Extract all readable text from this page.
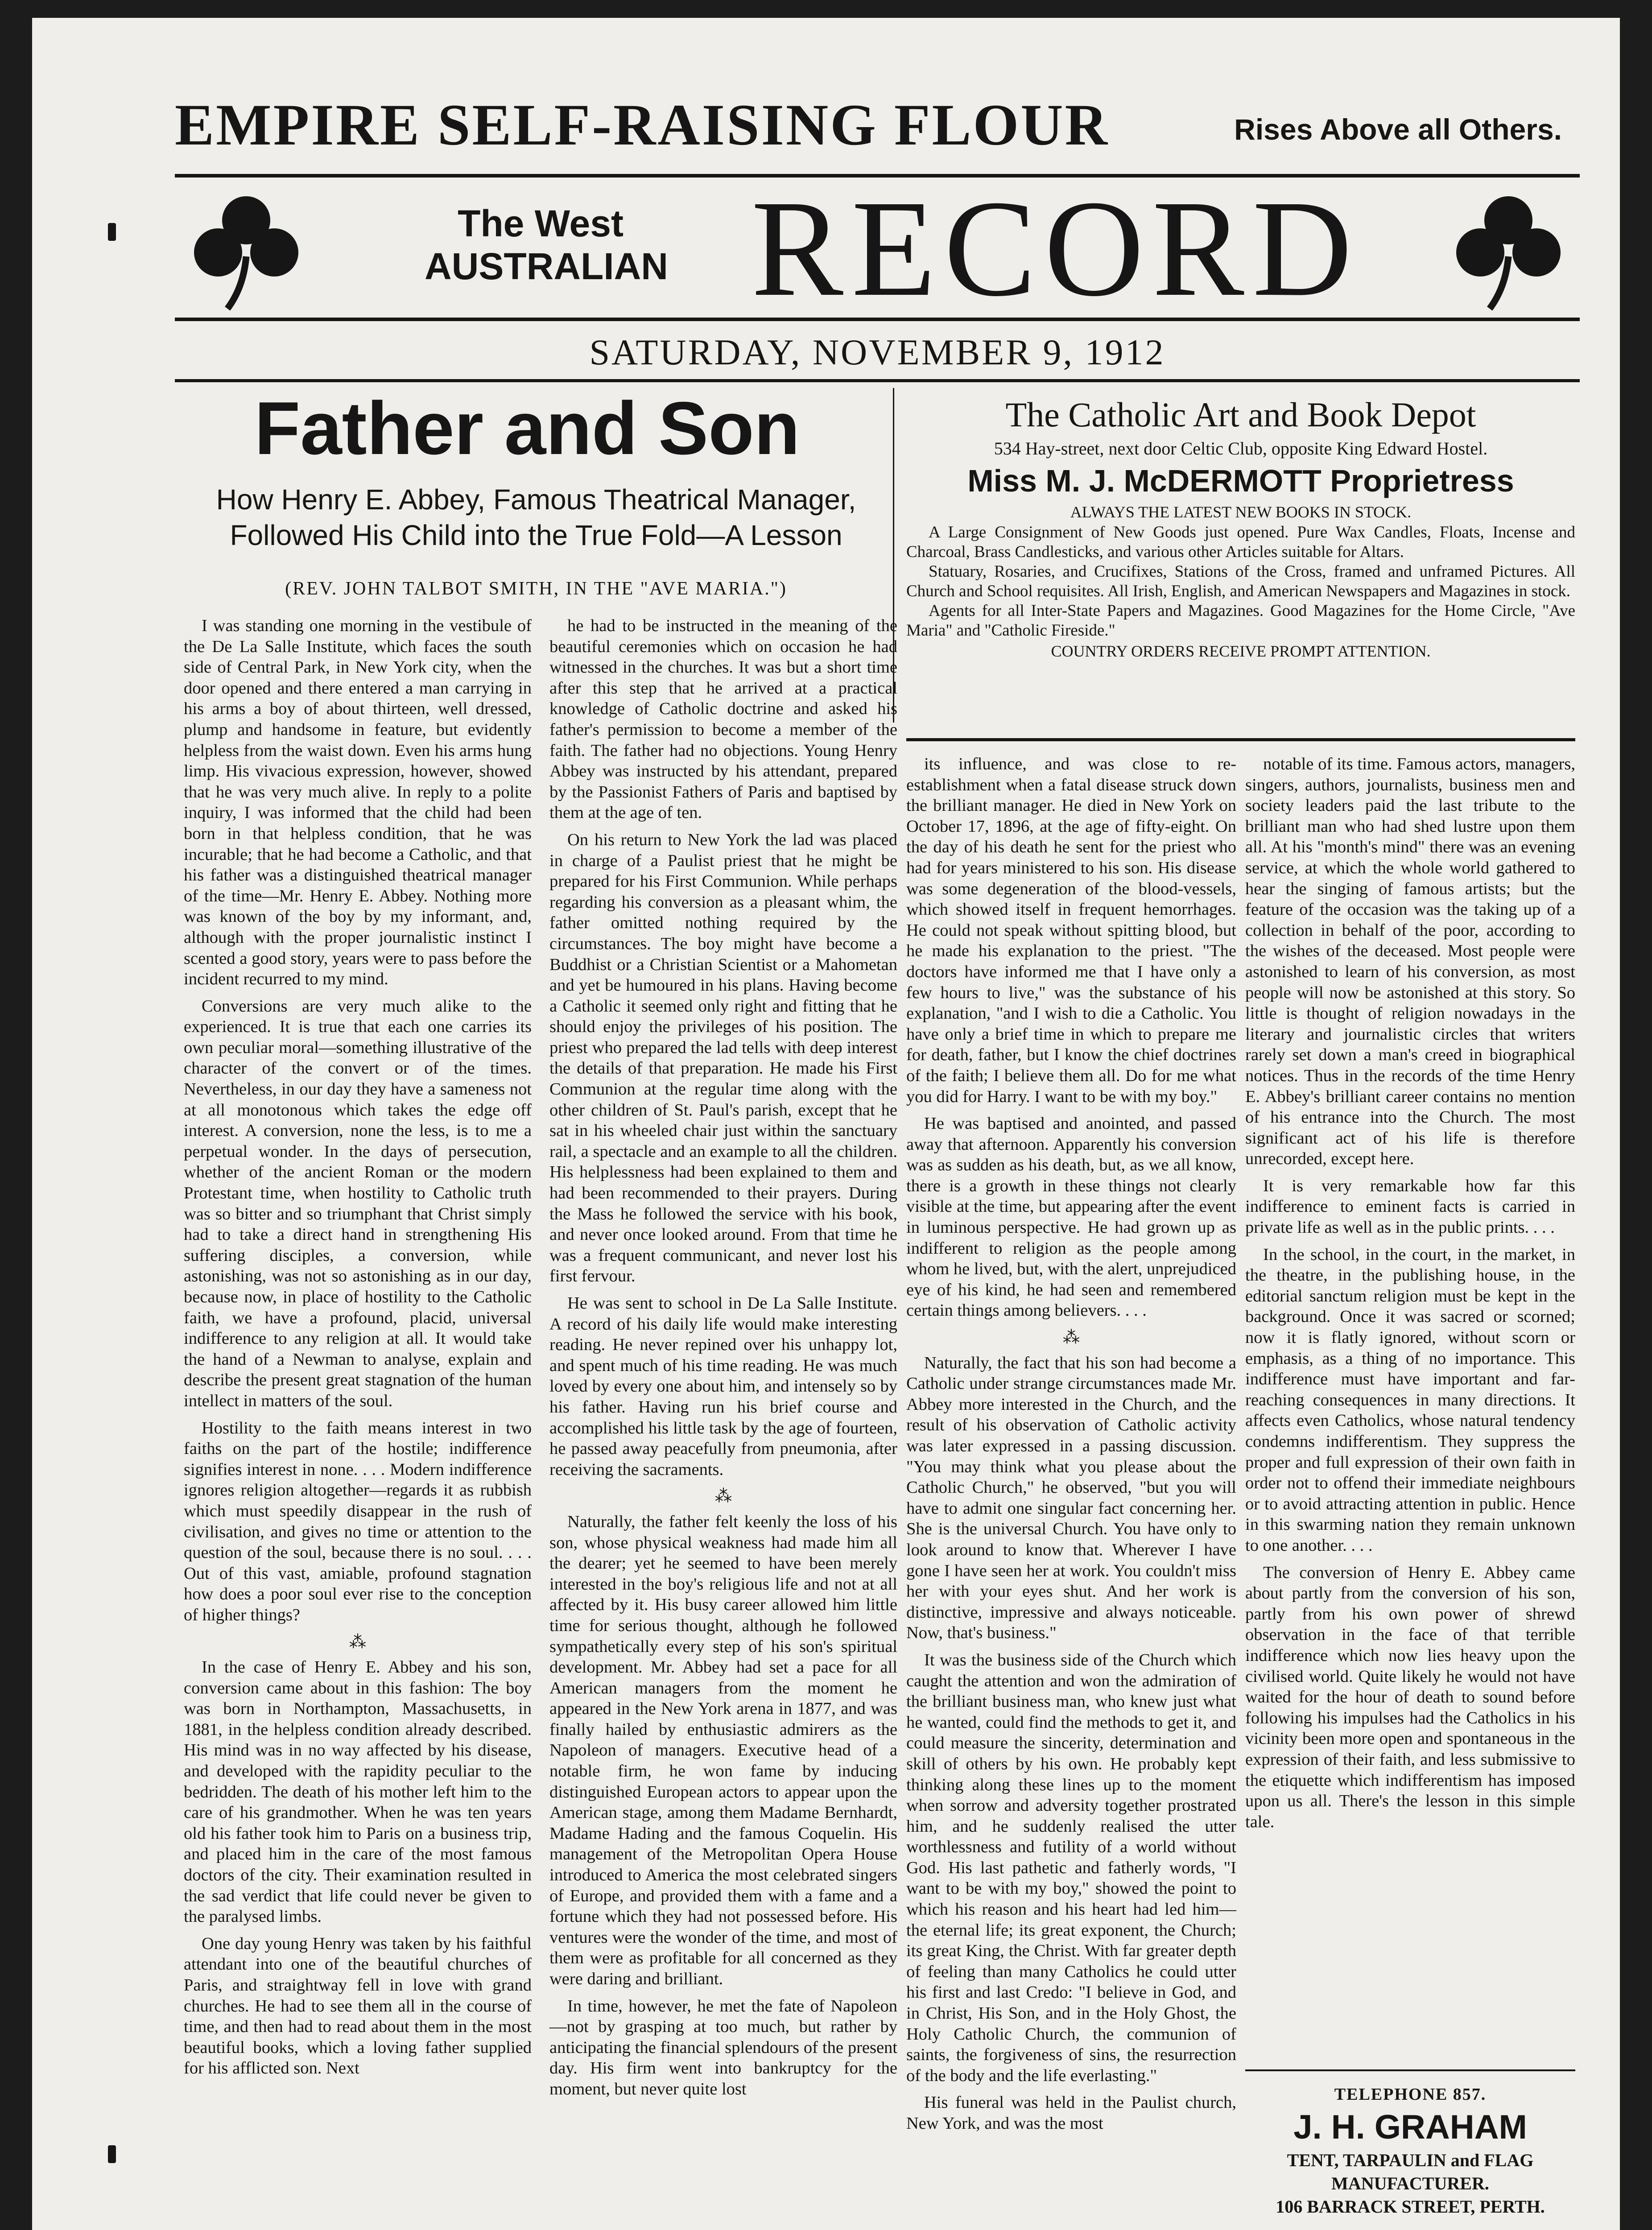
EMPIRE SELF-RAISING FLOUR	Rises Above all Others.
The West
AUSTRALIAN RECORD
SATURDAY, NOVEMBER 9, 1912
Father and Son
How Henry E. Abbey, Famous Theatrical Manager, Followed His Child into the True Fold—A Lesson
(REV. JOHN TALBOT SMITH, IN THE "AVE MARIA.")
The Catholic Art and Book Depot
534 Hay-street, next door Celtic Club, opposite King Edward Hostel.
Miss M. J. McDERMOTT Proprietress
ALWAYS THE LATEST NEW BOOKS IN STOCK.

A Large Consignment of New Goods just opened. Pure Wax Candles, Floats, Incense and Charcoal, Brass Candlesticks, and various other Articles suitable for Altars.

Statuary, Rosaries, and Crucifixes, Stations of the Cross, framed and unframed Pictures. All Church and School requisites. All Irish, English, and American Newspapers and Magazines in stock.

Agents for all Inter-State Papers and Magazines. Good Magazines for the Home Circle, "Ave Maria" and "Catholic Fireside."

COUNTRY ORDERS RECEIVE PROMPT ATTENTION.

I was standing one morning in the vestibule of the De La Salle Institute, which faces the south side of Central Park, in New York city, when the door opened and there entered a man carrying in his arms a boy of about thirteen, well dressed, plump and handsome in feature, but evidently helpless from the waist down. Even his arms hung limp. His vivacious expression, however, showed that he was very much alive. In reply to a polite inquiry, I was informed that the child had been born in that helpless condition, that he was incurable; that he had become a Catholic, and that his father was a distinguished theatrical manager of the time—Mr. Henry E. Abbey. Nothing more was known of the boy by my informant, and, although with the proper journalistic instinct I scented a good story, years were to pass before the incident recurred to my mind.

Conversions are very much alike to the experienced. It is true that each one carries its own peculiar moral—something illustrative of the character of the convert or of the times. Nevertheless, in our day they have a sameness not at all monotonous which takes the edge off interest. A conversion, none the less, is to me a perpetual wonder. In the days of persecution, whether of the ancient Roman or the modern Protestant time, when hostility to Catholic truth was so bitter and so triumphant that Christ simply had to take a direct hand in strengthening His suffering disciples, a conversion, while astonishing, was not so astonishing as in our day, because now, in place of hostility to the Catholic faith, we have a profound, placid, universal indifference to any religion at all. It would take the hand of a Newman to analyse, explain and describe the present great stagnation of the human intellect in matters of the soul.

Hostility to the faith means interest in two faiths on the part of the hostile; indifference signifies interest in none. . . . Modern indifference ignores religion altogether—regards it as rubbish which must speedily disappear in the rush of civilisation, and gives no time or attention to the question of the soul, because there is no soul. . . . Out of this vast, amiable, profound stagnation how does a poor soul ever rise to the conception of higher things?

⁂

In the case of Henry E. Abbey and his son, conversion came about in this fashion: The boy was born in Northampton, Massachusetts, in 1881, in the helpless condition already described. His mind was in no way affected by his disease, and developed with the rapidity peculiar to the bedridden. The death of his mother left him to the care of his grandmother. When he was ten years old his father took him to Paris on a business trip, and placed him in the care of the most famous doctors of the city. Their examination resulted in the sad verdict that life could never be given to the paralysed limbs.

One day young Henry was taken by his faithful attendant into one of the beautiful churches of Paris, and straightway fell in love with grand churches. He had to see them all in the course of time, and then had to read about them in the most beautiful books, which a loving father supplied for his afflicted son. Next

he had to be instructed in the meaning of the beautiful ceremonies which on occasion he had witnessed in the churches. It was but a short time after this step that he arrived at a practical knowledge of Catholic doctrine and asked his father's permission to become a member of the faith. The father had no objections. Young Henry Abbey was instructed by his attendant, prepared by the Passionist Fathers of Paris and baptised by them at the age of ten.

On his return to New York the lad was placed in charge of a Paulist priest that he might be prepared for his First Communion. While perhaps regarding his conversion as a pleasant whim, the father omitted nothing required by the circumstances. The boy might have become a Buddhist or a Christian Scientist or a Mahometan and yet be humoured in his plans. Having become a Catholic it seemed only right and fitting that he should enjoy the privileges of his position. The priest who prepared the lad tells with deep interest the details of that preparation. He made his First Communion at the regular time along with the other children of St. Paul's parish, except that he sat in his wheeled chair just within the sanctuary rail, a spectacle and an example to all the children. His helplessness had been explained to them and had been recommended to their prayers. During the Mass he followed the service with his book, and never once looked around. From that time he was a frequent communicant, and never lost his first fervour.

He was sent to school in De La Salle Institute. A record of his daily life would make interesting reading. He never repined over his unhappy lot, and spent much of his time reading. He was much loved by every one about him, and intensely so by his father. Having run his brief course and accomplished his little task by the age of fourteen, he passed away peacefully from pneumonia, after receiving the sacraments.

⁂

Naturally, the father felt keenly the loss of his son, whose physical weakness had made him all the dearer; yet he seemed to have been merely interested in the boy's religious life and not at all affected by it. His busy career allowed him little time for serious thought, although he followed sympathetically every step of his son's spiritual development. Mr. Abbey had set a pace for all American managers from the moment he appeared in the New York arena in 1877, and was finally hailed by enthusiastic admirers as the Napoleon of managers. Executive head of a notable firm, he won fame by inducing distinguished European actors to appear upon the American stage, among them Madame Bernhardt, Madame Hading and the famous Coquelin. His management of the Metropolitan Opera House introduced to America the most celebrated singers of Europe, and provided them with a fame and a fortune which they had not possessed before. His ventures were the wonder of the time, and most of them were as profitable for all concerned as they were daring and brilliant.

In time, however, he met the fate of Napoleon—not by grasping at too much, but rather by anticipating the financial splendours of the present day. His firm went into bankruptcy for the moment, but never quite lost

its influence, and was close to re-establishment when a fatal disease struck down the brilliant manager. He died in New York on October 17, 1896, at the age of fifty-eight. On the day of his death he sent for the priest who had for years ministered to his son. His disease was some degeneration of the blood-vessels, which showed itself in frequent hemorrhages. He could not speak without spitting blood, but he made his explanation to the priest. "The doctors have informed me that I have only a few hours to live," was the substance of his explanation, "and I wish to die a Catholic. You have only a brief time in which to prepare me for death, father, but I know the chief doctrines of the faith; I believe them all. Do for me what you did for Harry. I want to be with my boy."

He was baptised and anointed, and passed away that afternoon. Apparently his conversion was as sudden as his death, but, as we all know, there is a growth in these things not clearly visible at the time, but appearing after the event in luminous perspective. He had grown up as indifferent to religion as the people among whom he lived, but, with the alert, unprejudiced eye of his kind, he had seen and remembered certain things among believers. . . .

⁂

Naturally, the fact that his son had become a Catholic under strange circumstances made Mr. Abbey more interested in the Church, and the result of his observation of Catholic activity was later expressed in a passing discussion. "You may think what you please about the Catholic Church," he observed, "but you will have to admit one singular fact concerning her. She is the universal Church. You have only to look around to know that. Wherever I have gone I have seen her at work. You couldn't miss her with your eyes shut. And her work is distinctive, impressive and always noticeable. Now, that's business."

It was the business side of the Church which caught the attention and won the admiration of the brilliant business man, who knew just what he wanted, could find the methods to get it, and could measure the sincerity, determination and skill of others by his own. He probably kept thinking along these lines up to the moment when sorrow and adversity together prostrated him, and he suddenly realised the utter worthlessness and futility of a world without God. His last pathetic and fatherly words, "I want to be with my boy," showed the point to which his reason and his heart had led him—the eternal life; its great exponent, the Church; its great King, the Christ. With far greater depth of feeling than many Catholics he could utter his first and last Credo: "I believe in God, and in Christ, His Son, and in the Holy Ghost, the Holy Catholic Church, the communion of saints, the forgiveness of sins, the resurrection of the body and the life everlasting."

His funeral was held in the Paulist church, New York, and was the most

notable of its time. Famous actors, managers, singers, authors, journalists, business men and society leaders paid the last tribute to the brilliant man who had shed lustre upon them all. At his "month's mind" there was an evening service, at which the whole world gathered to hear the singing of famous artists; but the feature of the occasion was the taking up of a collection in behalf of the poor, according to the wishes of the deceased. Most people were astonished to learn of his conversion, as most people will now be astonished at this story. So little is thought of religion nowadays in the literary and journalistic circles that writers rarely set down a man's creed in biographical notices. Thus in the records of the time Henry E. Abbey's brilliant career contains no mention of his entrance into the Church. The most significant act of his life is therefore unrecorded, except here.

It is very remarkable how far this indifference to eminent facts is carried in private life as well as in the public prints. . . .

In the school, in the court, in the market, in the theatre, in the publishing house, in the editorial sanctum religion must be kept in the background. Once it was sacred or scorned; now it is flatly ignored, without scorn or emphasis, as a thing of no importance. This indifference must have important and far-reaching consequences in many directions. It affects even Catholics, whose natural tendency condemns indifferentism. They suppress the proper and full expression of their own faith in order not to offend their immediate neighbours or to avoid attracting attention in public. Hence in this swarming nation they remain unknown to one another. . . .

The conversion of Henry E. Abbey came about partly from the conversion of his son, partly from his own power of shrewd observation in the face of that terrible indifference which now lies heavy upon the civilised world. Quite likely he would not have waited for the hour of death to sound before following his impulses had the Catholics in his vicinity been more open and spontaneous in the expression of their faith, and less submissive to the etiquette which indifferentism has imposed upon us all. There's the lesson in this simple tale.

TELEPHONE 857.
J. H. GRAHAM
TENT, TARPAULIN and FLAG
MANUFACTURER.
106 BARRACK STREET, PERTH.
